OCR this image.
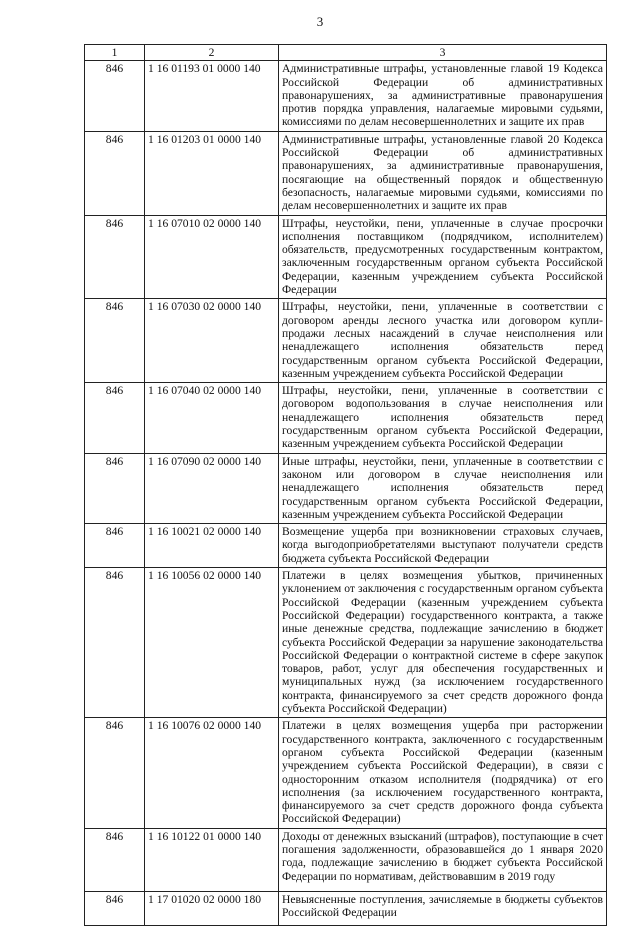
3
1	2	3
846	1 16 01193 01 0000 140	Административные штрафы, установленные главой 19 Кодекса Российской Федерации об административных правонарушениях, за административные правонарушения против порядка управления, налагаемые мировыми судьями, комиссиями по делам несовершеннолетних и защите их прав
846	1 16 01203 01 0000 140	Административные штрафы, установленные главой 20 Кодекса Российской Федерации об административных правонарушениях, за административные правонарушения, посягающие на общественный порядок и общественную безопасность, налагаемые мировыми судьями, комиссиями по делам несовершеннолетних и защите их прав
846	1 16 07010 02 0000 140	Штрафы, неустойки, пени, уплаченные в случае просрочки исполнения поставщиком (подрядчиком, исполнителем) обязательств, предусмотренных государственным контрактом, заключенным государственным органом субъекта Российской Федерации, казенным учреждением субъекта Российской Федерации
846	1 16 07030 02 0000 140	Штрафы, неустойки, пени, уплаченные в соответствии с договором аренды лесного участка или договором купли-продажи лесных насаждений в случае неисполнения или ненадлежащего исполнения обязательств перед государственным органом субъекта Российской Федерации, казенным учреждением субъекта Российской Федерации
846	1 16 07040 02 0000 140	Штрафы, неустойки, пени, уплаченные в соответствии с договором водопользования в случае неисполнения или ненадлежащего исполнения обязательств перед государственным органом субъекта Российской Федерации, казенным учреждением субъекта Российской Федерации
846	1 16 07090 02 0000 140	Иные штрафы, неустойки, пени, уплаченные в соответствии с законом или договором в случае неисполнения или ненадлежащего исполнения обязательств перед государственным органом субъекта Российской Федерации, казенным учреждением субъекта Российской Федерации
846	1 16 10021 02 0000 140	Возмещение ущерба при возникновении страховых случаев, когда выгодоприобретателями выступают получатели средств бюджета субъекта Российской Федерации
846	1 16 10056 02 0000 140	Платежи в целях возмещения убытков, причиненных уклонением от заключения с государственным органом субъекта Российской Федерации (казенным учреждением субъекта Российской Федерации) государственного контракта, а также иные денежные средства, подлежащие зачислению в бюджет субъекта Российской Федерации за нарушение законодательства Российской Федерации о контрактной системе в сфере закупок товаров, работ, услуг для обеспечения государственных и муниципальных нужд (за исключением государственного контракта, финансируемого за счет средств дорожного фонда субъекта Российской Федерации)
846	1 16 10076 02 0000 140	Платежи в целях возмещения ущерба при расторжении государственного контракта, заключенного с государственным органом субъекта Российской Федерации (казенным учреждением субъекта Российской Федерации), в связи с односторонним отказом исполнителя (подрядчика) от его исполнения (за исключением государственного контракта, финансируемого за счет средств дорожного фонда субъекта Российской Федерации)
846	1 16 10122 01 0000 140	Доходы от денежных взысканий (штрафов), поступающие в счет погашения задолженности, образовавшейся до 1 января 2020 года, подлежащие зачислению в бюджет субъекта Российской Федерации по нормативам, действовавшим в 2019 году
846	1 17 01020 02 0000 180	Невыясненные поступления, зачисляемые в бюджеты субъектов Российской Федерации
